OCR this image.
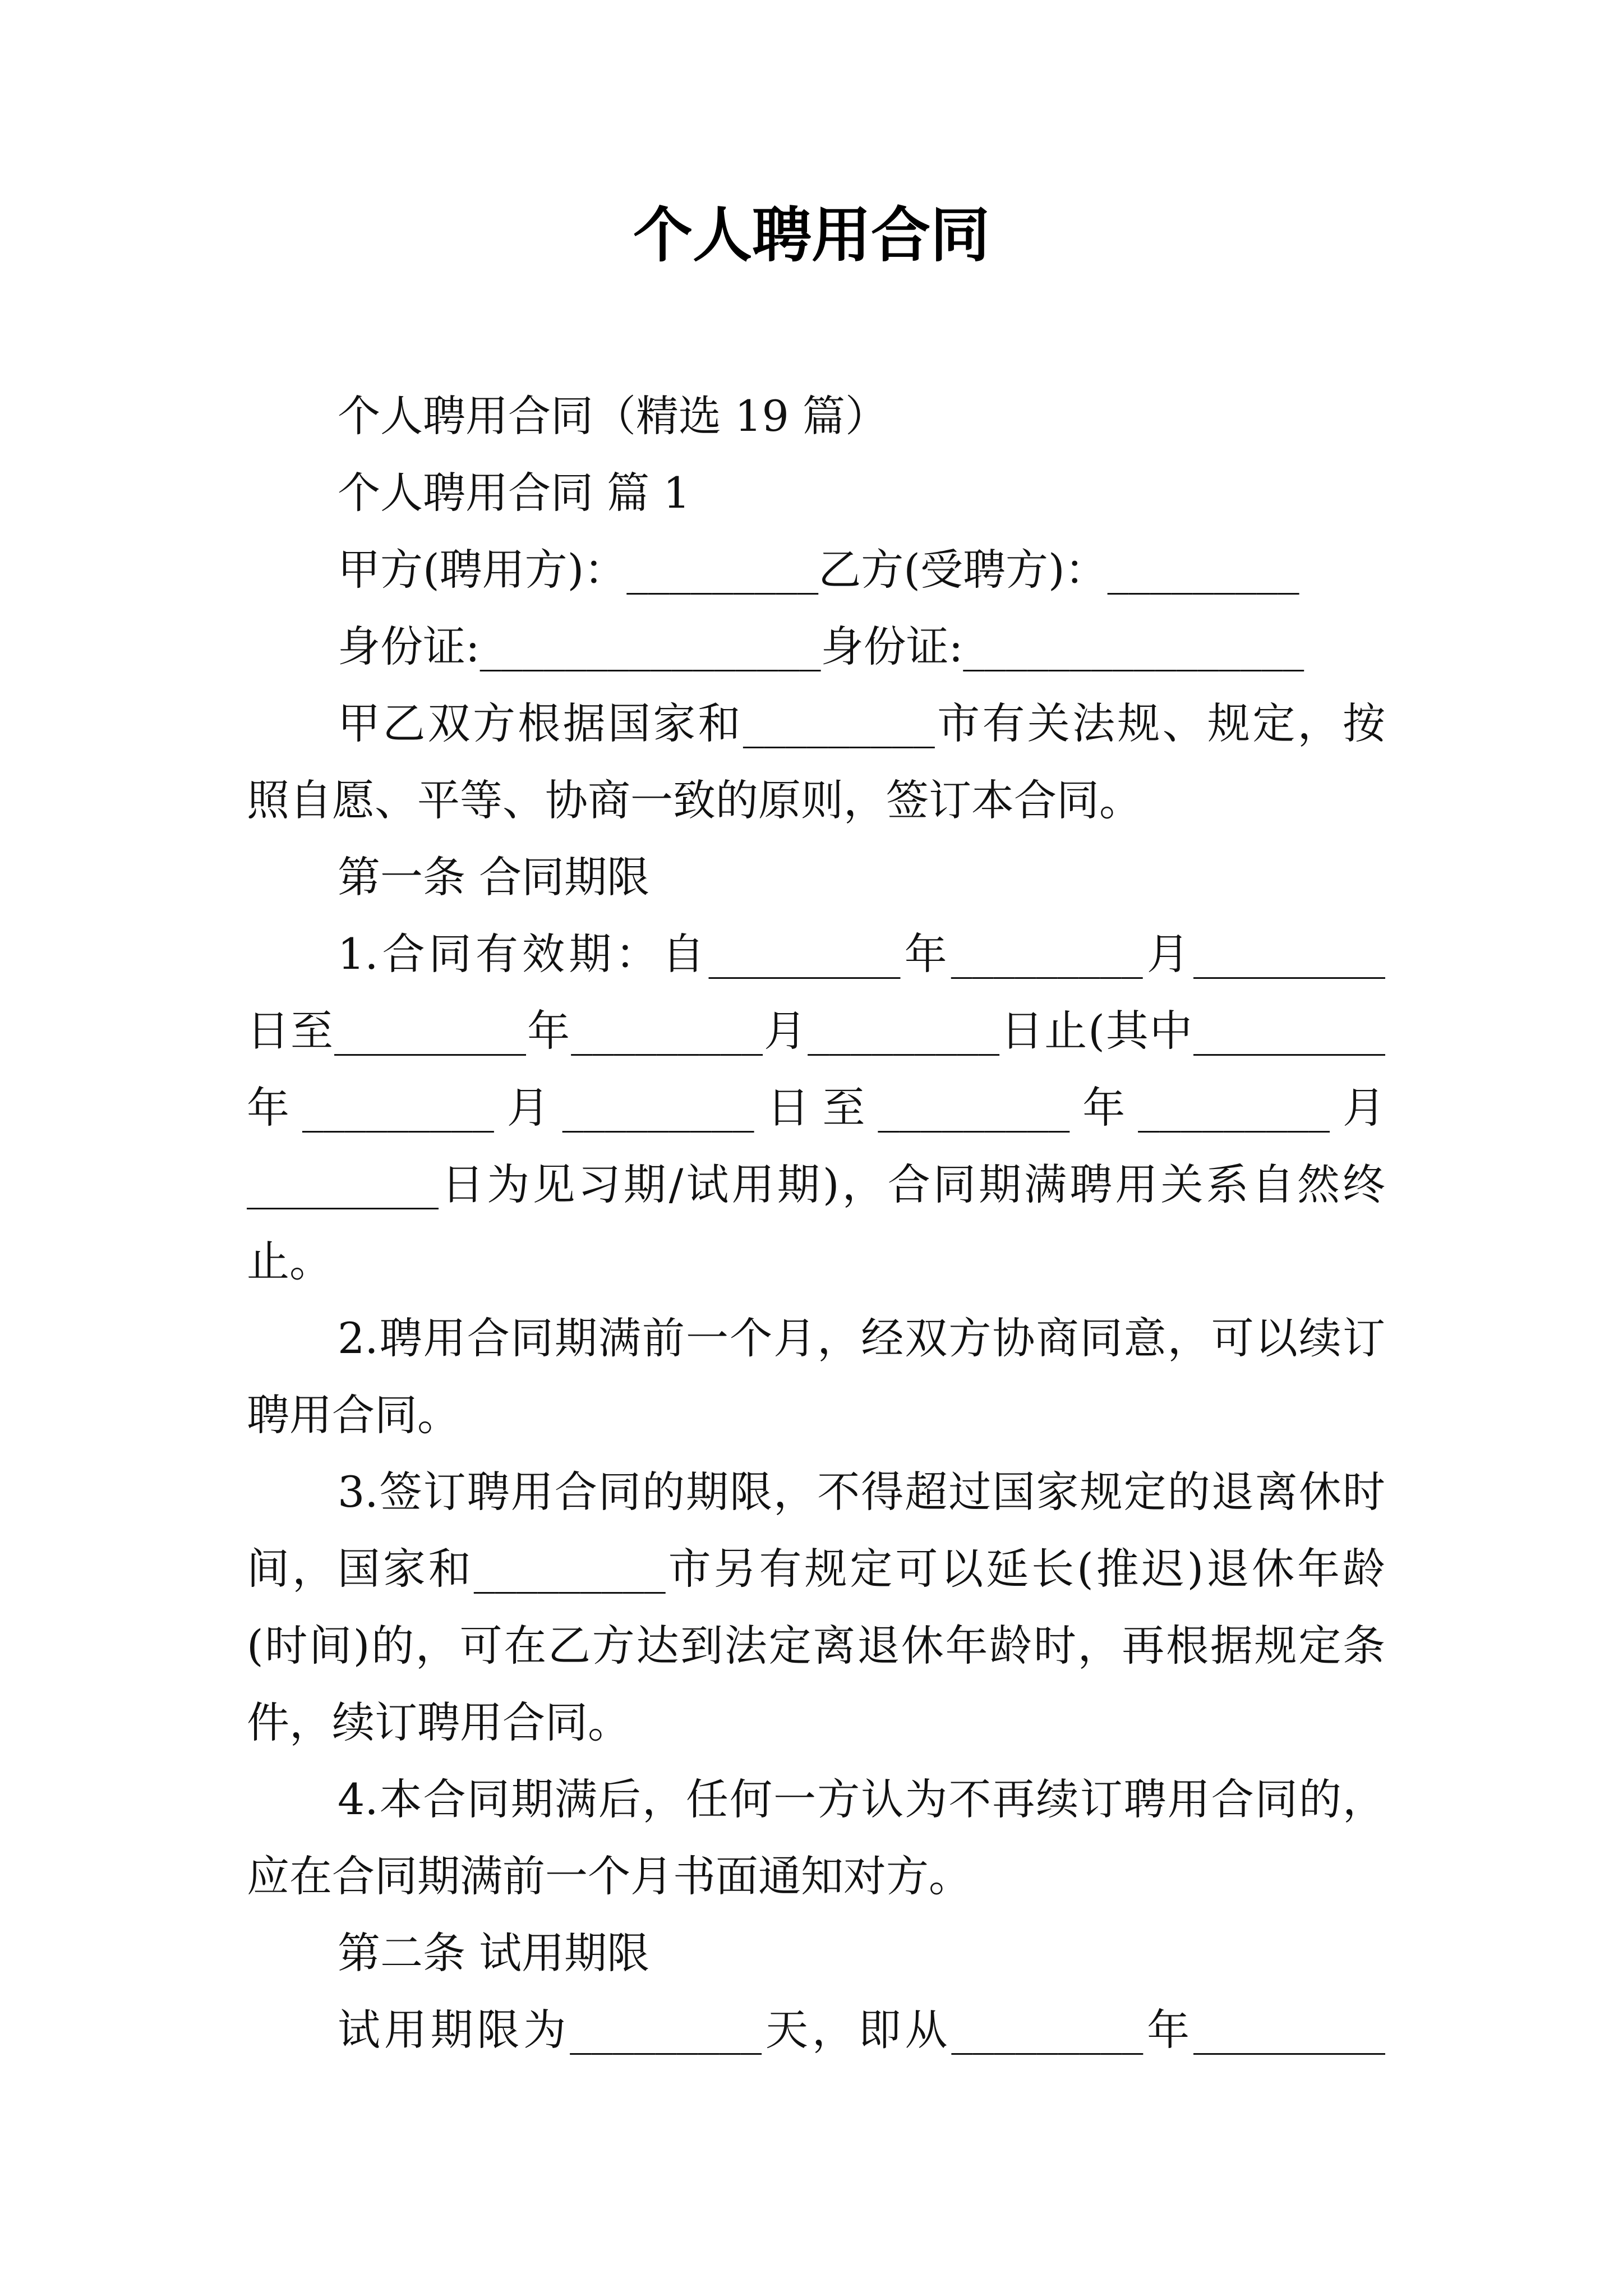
个人聘用合同
个人聘用合同（精选 19 篇）
个人聘用合同 篇 1
甲方(聘用方)：_________乙方(受聘方)：_________
身份证:________________身份证:________________
甲乙双方根据国家和_________市有关法规、规定，按
照自愿、平等、协商一致的原则，签订本合同。
第一条 合同期限
1.合同有效期：自_________年_________月_________
日至_________年_________月_________日止(其中_________
年_________月_________日至_________年_________月
_________日为见习期/试用期)，合同期满聘用关系自然终
止。
2.聘用合同期满前一个月，经双方协商同意，可以续订
聘用合同。
3.签订聘用合同的期限，不得超过国家规定的退离休时
间，国家和_________市另有规定可以延长(推迟)退休年龄
(时间)的，可在乙方达到法定离退休年龄时，再根据规定条
件，续订聘用合同。
4.本合同期满后，任何一方认为不再续订聘用合同的，
应在合同期满前一个月书面通知对方。
第二条 试用期限
试用期限为_________天，即从_________年_________
